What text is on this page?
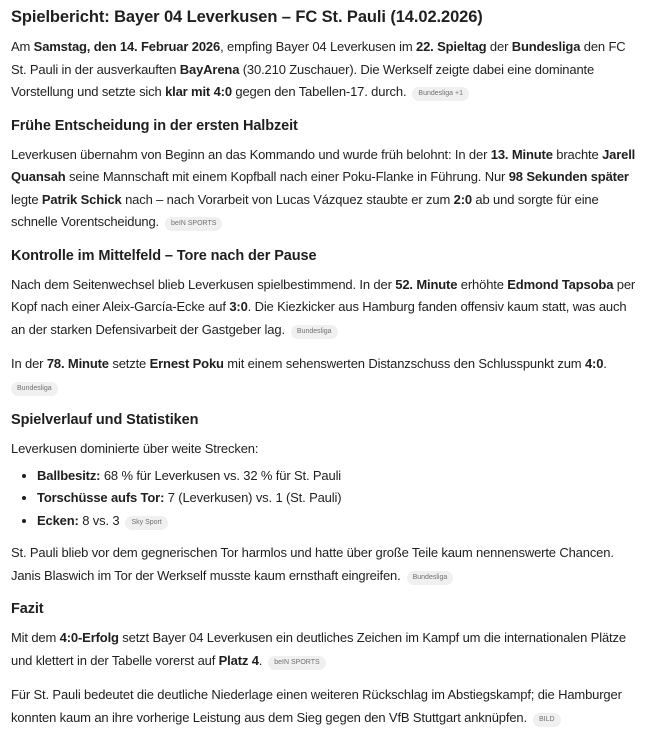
Spielbericht: Bayer 04 Leverkusen – FC St. Pauli (14.02.2026)

Am Samstag, den 14. Februar 2026, empfing Bayer 04 Leverkusen im 22. Spieltag der Bundesliga den FC St. Pauli in der ausverkauften BayArena (30.210 Zuschauer). Die Werkself zeigte dabei eine dominante Vorstellung und setzte sich klar mit 4:0 gegen den Tabellen-17. durch. Bundesliga +1

Frühe Entscheidung in der ersten Halbzeit

Leverkusen übernahm von Beginn an das Kommando und wurde früh belohnt: In der 13. Minute brachte Jarell Quansah seine Mannschaft mit einem Kopfball nach einer Poku-Flanke in Führung. Nur 98 Sekunden später legte Patrik Schick nach – nach Vorarbeit von Lucas Vázquez staubte er zum 2:0 ab und sorgte für eine schnelle Vorentscheidung. beIN SPORTS

Kontrolle im Mittelfeld – Tore nach der Pause

Nach dem Seitenwechsel blieb Leverkusen spielbestimmend. In der 52. Minute erhöhte Edmond Tapsoba per Kopf nach einer Aleix-García-Ecke auf 3:0. Die Kiezkicker aus Hamburg fanden offensiv kaum statt, was auch an der starken Defensivarbeit der Gastgeber lag. Bundesliga

In der 78. Minute setzte Ernest Poku mit einem sehenswerten Distanzschuss den Schlusspunkt zum 4:0.
Bundesliga

Spielverlauf und Statistiken

Leverkusen dominierte über weite Strecken:

• Ballbesitz: 68 % für Leverkusen vs. 32 % für St. Pauli
• Torschüsse aufs Tor: 7 (Leverkusen) vs. 1 (St. Pauli)
• Ecken: 8 vs. 3 Sky Sport

St. Pauli blieb vor dem gegnerischen Tor harmlos und hatte über große Teile kaum nennenswerte Chancen. Janis Blaswich im Tor der Werkself musste kaum ernsthaft eingreifen. Bundesliga

Fazit

Mit dem 4:0-Erfolg setzt Bayer 04 Leverkusen ein deutliches Zeichen im Kampf um die internationalen Plätze und klettert in der Tabelle vorerst auf Platz 4. beIN SPORTS

Für St. Pauli bedeutet die deutliche Niederlage einen weiteren Rückschlag im Abstiegskampf; die Hamburger konnten kaum an ihre vorherige Leistung aus dem Sieg gegen den VfB Stuttgart anknüpfen. BILD
